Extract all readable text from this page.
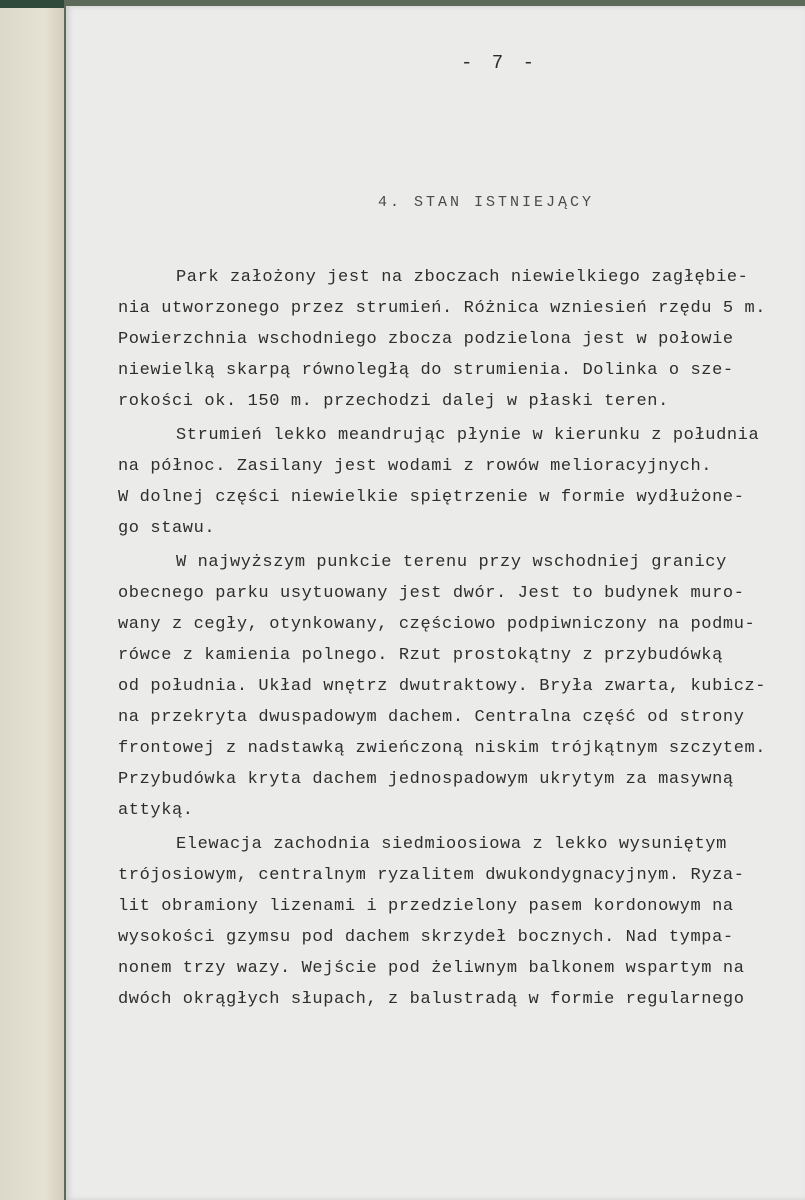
- 7 -
4. STAN ISTNIEJĄCY
Park założony jest na zboczach niewielkiego zagłębie-
nia utworzonego przez strumień. Różnica wzniesień rzędu 5 m.
Powierzchnia wschodniego zbocza podzielona jest w połowie
niewielką skarpą równoległą do strumienia. Dolinka o sze-
rokości ok. 150 m. przechodzi dalej w płaski teren.
Strumień lekko meandrując płynie w kierunku z południa
na północ. Zasilany jest wodami z rowów melioracyjnych.
W dolnej części niewielkie spiętrzenie w formie wydłużone-
go stawu.
W najwyższym punkcie terenu przy wschodniej granicy
obecnego parku usytuowany jest dwór. Jest to budynek muro-
wany z cegły, otynkowany, częściowo podpiwniczony na podmu-
rówce z kamienia polnego. Rzut prostokątny z przybudówką
od południa. Układ wnętrz dwutraktowy. Bryła zwarta, kubicz-
na przekryta dwuspadowym dachem. Centralna część od strony
frontowej z nadstawką zwieńczoną niskim trójkątnym szczytem.
Przybudówka kryta dachem jednospadowym ukrytym za masywną
attyką.
Elewacja zachodnia siedmioosiowa z lekko wysuniętym
trójosiowym, centralnym ryzalitem dwukondygnacyjnym. Ryza-
lit obramiony lizenami i przedzielony pasem kordonowym na
wysokości gzymsu pod dachem skrzydeł bocznych. Nad tympa-
nonem trzy wazy. Wejście pod żeliwnym balkonem wspartym na
dwóch okrągłych słupach, z balustradą w formie regularnego
